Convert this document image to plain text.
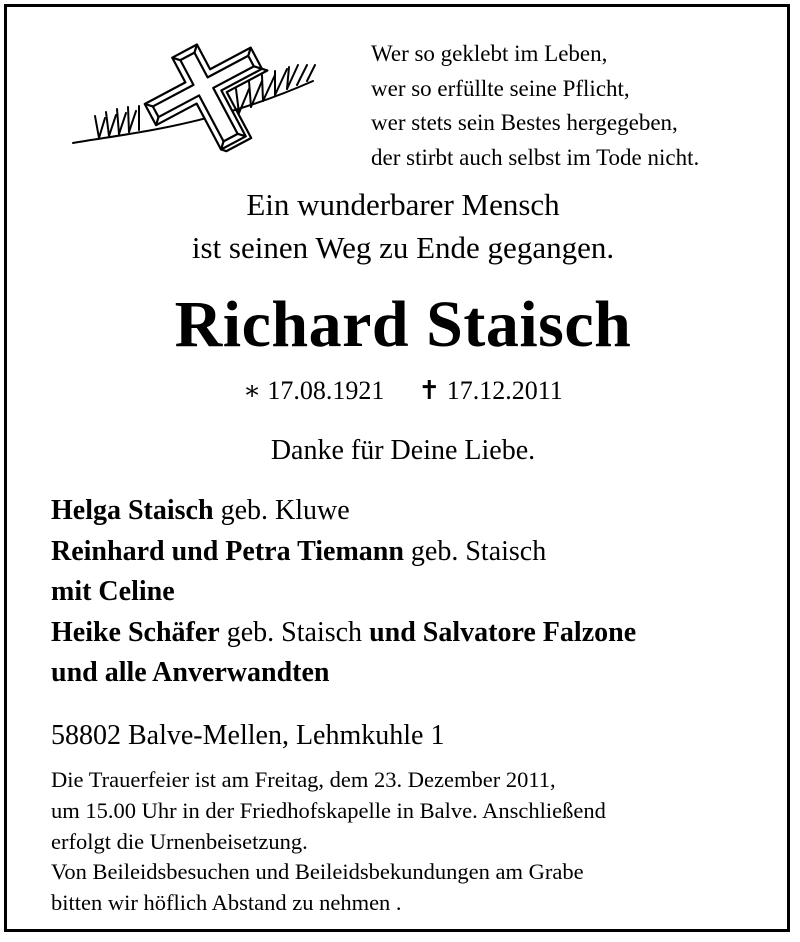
Wer so geklebt im Leben,
wer so erfüllte seine Pflicht,
wer stets sein Bestes hergegeben,
der stirbt auch selbst im Tode nicht.
Ein wunderbarer Mensch
ist seinen Weg zu Ende gegangen.
Richard Staisch
∗ 17.08.1921 ✝ 17.12.2011
Danke für Deine Liebe.
Helga Staisch geb. Kluwe
Reinhard und Petra Tiemann geb. Staisch
mit Celine
Heike Schäfer geb. Staisch und Salvatore Falzone
und alle Anverwandten
58802 Balve-Mellen, Lehmkuhle 1
Die Trauerfeier ist am Freitag, dem 23. Dezember 2011,
um 15.00 Uhr in der Friedhofskapelle in Balve. Anschließend
erfolgt die Urnenbeisetzung.
Von Beileidsbesuchen und Beileidsbekundungen am Grabe
bitten wir höflich Abstand zu nehmen .
